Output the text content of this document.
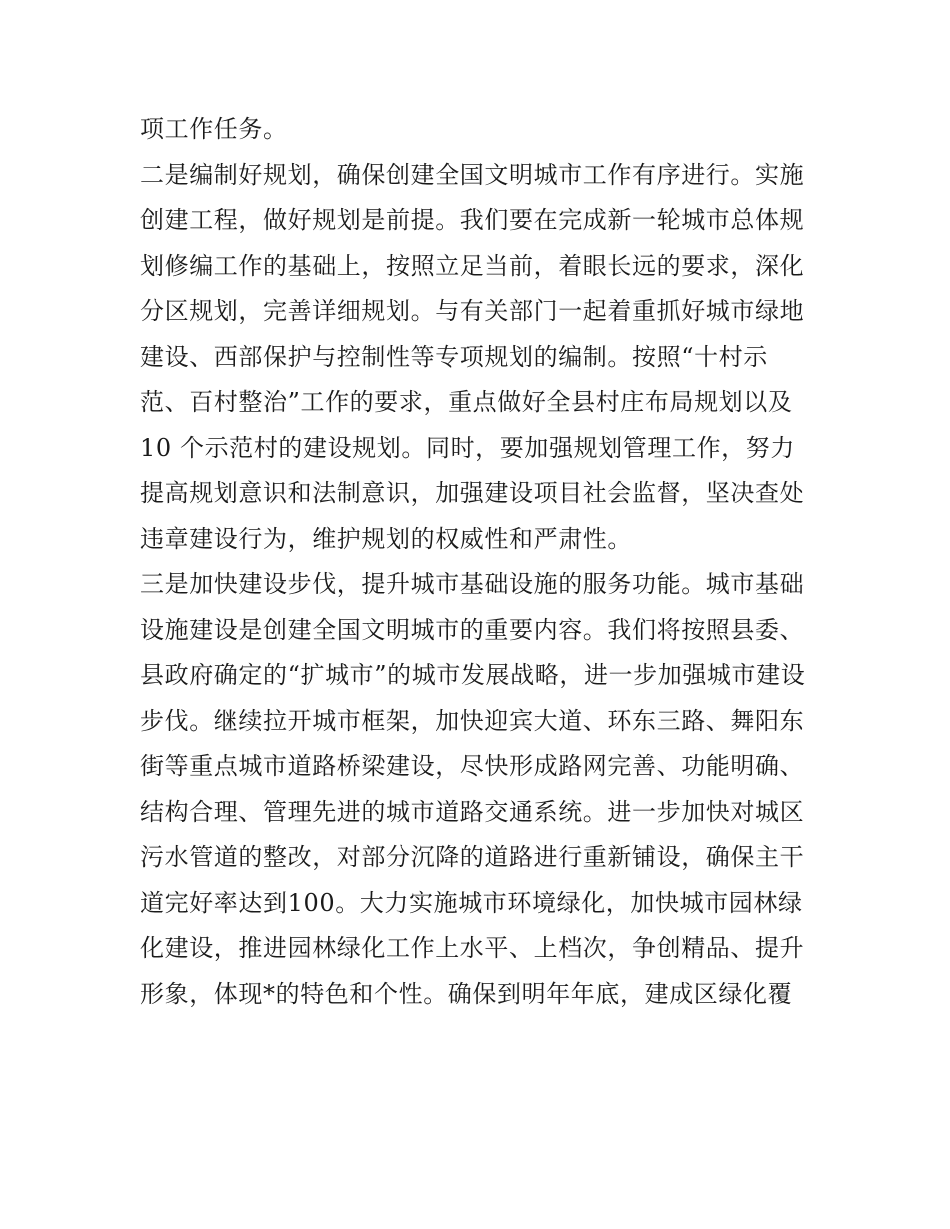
项工作任务。
二是编制好规划，确保创建全国文明城市工作有序进行。实施
创建工程，做好规划是前提。我们要在完成新一轮城市总体规
划修编工作的基础上，按照立足当前，着眼长远的要求，深化
分区规划，完善详细规划。与有关部门一起着重抓好城市绿地
建设、西部保护与控制性等专项规划的编制。按照“十村示
范、百村整治”工作的要求，重点做好全县村庄布局规划以及
10 个示范村的建设规划。同时，要加强规划管理工作，努力
提高规划意识和法制意识，加强建设项目社会监督，坚决查处
违章建设行为，维护规划的权威性和严肃性。
三是加快建设步伐，提升城市基础设施的服务功能。城市基础
设施建设是创建全国文明城市的重要内容。我们将按照县委、
县政府确定的“扩城市”的城市发展战略，进一步加强城市建设
步伐。继续拉开城市框架，加快迎宾大道、环东三路、舞阳东
街等重点城市道路桥梁建设，尽快形成路网完善、功能明确、
结构合理、管理先进的城市道路交通系统。进一步加快对城区
污水管道的整改，对部分沉降的道路进行重新铺设，确保主干
道完好率达到100。大力实施城市环境绿化，加快城市园林绿
化建设，推进园林绿化工作上水平、上档次，争创精品、提升
形象，体现*的特色和个性。确保到明年年底，建成区绿化覆
